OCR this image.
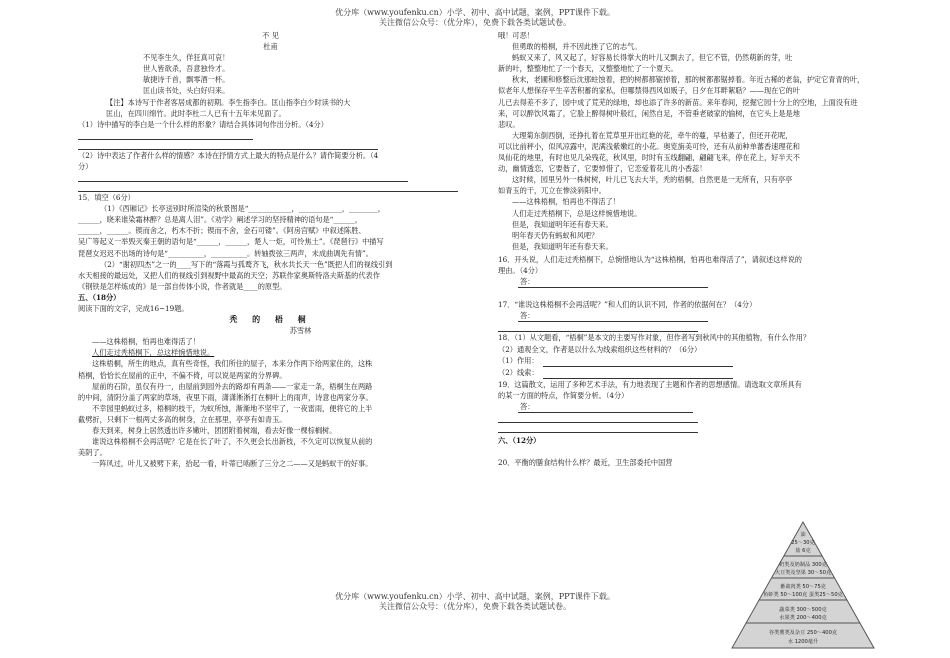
优分库（www.youfenku.cn）小学、初中、高中试题，案例，PPT课件下载。
关注微信公众号：（优分库），免费下载各类试题试卷。
优分库（www.youfenku.cn）小学、初中、高中试题，案例，PPT课件下载。
关注微信公众号：（优分库），免费下载各类试题试卷。

不 见

杜甫

不见李生久，佯狂真可哀！

世人皆欲杀，吾意独怜才。

敏捷诗千首，飘零酒一杯。

匡山读书处，头白好归来。

【注】本诗写于作者客居成都的初期。李生指李白。匡山指李白少时读书的大

匡山，在四川绵竹。此时李杜二人已有十五年未见面了。

（1）诗中描写的李白是一个什么样的形象？请结合具体词句作出分析。（4分）

（2）诗中表达了作者什么样的情感？本诗在抒情方式上最大的特点是什么？请作简要分析。（4

分）

15．填空（6分）

（1）《西厢记》长亭送别时所渲染的秋景图是“____________，____________，________，

______，晓来谁染霜林醉？总是离人泪”。《劝学》阐述学习的坚持精神的语句是“______，

______，______。锲而舍之，朽木不折；锲而不舍，金石可镂”。《阿房宫赋》中叙述陈胜、

吴广等起义一举毁灭秦王朝的语句是“______，______，楚人一炬，可怜焦土”。《琵琶行》中描写

琵琶女迟迟不出场的诗句是“__________，__________。转轴拨弦三两声，未成曲调先有情”。

（2）“谢初四杰”之一的____写下的“落霞与孤鹜齐飞，秋水共长天一色”既把人们的视线引到

水天相接的最远处，又把人们的视线引到视野中最高的天空；苏联作家奥斯特洛夫斯基的代表作

《钢铁是怎样炼成的》是一部自传体小说，作者就是____的原型。

五、（18分）

阅读下面的文字，完成16~19题。

秃 的 梧 桐

苏雪林

——这株梧桐，怕再也难得活了！

人们走过秃梧桐下，总这样惋惜地说。

这株梧桐，所生的地点，真有些奇怪，我们所住的屋子，本来分作两下给两家住的，这株

梧桐，恰恰长在屋前的正中，不偏不倚，可以说是两家的分界碑。

屋前的石阶，虽仅有丹一，由屋前到园外去的路却有两条——一家走一条，梧桐生在两路

的中间，清阴分盖了两家的草场，夜里下雨，潇潇淅淅打在桐叶上的雨声，诗意也两家分享。

不幸园里蚂蚁过多，梧桐的枝干，为蚁所蚀，渐渐地不坚牢了，一夜雷雨，便将它的上半

截劈折，只剩下一根两丈多高的树身，立在那里，亭亭有如青玉。

春天到来，树身上居然透出许多嫩叶，团团附着树端，看去好像一棵棕榈树。

谁说这株梧桐不会再活呢？它是在长了叶了，不久更会长出新枝，不久定可以恢复从前的

美阴了。

一阵风过，叶儿又被劈下来，拾起一看，叶蒂已啮断了三分之二——又是蚂蚁干的好事。

哦！可恶！

但勇敢的梧桐，并不因此挫了它的志气。

蚂蚁又来了，风又起了，好容易长得掌大的叶儿又飘去了，但它不管，仍然萌新的芽，吐

新的叶，整整地忙了一个春天，又整整地忙了一个夏天。

秋末，老圃和修整后沈那蛀蚀着，把的树都都锯掉着，那的树都都锯掉着。年近古稀的老翁，护定它青青的叶，

似老年人想保存平生辛苦积蓄的家私，但哪禁得西风如贩子，日夕在耳畔絮聒？——现在它的叶

儿已去得差不多了，园中成了荒芜的绿地，却也添了许多的新苗。来年春间，挖掘它园十分上的空地，上面没有进

来，可以醉饮风霜了，它脸上醉得树叶般红，闲然自足，不管垂老破家的愉树，在它头上是是地

悲叹。

大理菊东倒西倒，还挣扎着在荒草里开出红艳的花，牵牛的蔓，早枯萎了，但还开花呢，

可以比前秤小，似风凉露中，泥满浅紫嫩红的小花。奥览旃美可怜，还有从前种单蕃香速理花和

凤仙花的地里，有时也见几朵残花，秋风里，时时有玉线翻翩，翩翩飞来，停在花上，好半天不

动，幽情透恋，它要偕了，它要悼惜了，它恋爱着花儿的小香蕊！

这时候，园里另外一株树树，叶儿已飞去大半，秃的梧桐，自然更是一无所有，只有亭亭

如青玉的干，兀立在惨淡斜阳中。

——这株梧桐，怕再也不得活了！

人们走过秃梧桐下，总是这样惋惜地说。

但是，我知道明年还有春天来。

明年春天仍有蚂蚁和风吧？

但是，我知道明年还有春天来。

16．开头说，人们走过秃梧桐下，总惋惜地认为“这株梧桐，怕再也难得活了”，请叙述这样说的

理由。（4分）

答：

17．“谁说这株梧桐不会再活呢？”和人们的认识不同，作者的依据何在？（4分）

答：

18．（1）从文题看，“梧桐”是本文的主要写作对象，但作者写到秋风中的其他植物，有什么作用？

（2）通观全文，作者是以什么为线索组织这些材料的？（6分）

（1）作用：

（2）线索：

19．这篇散文，运用了多种艺术手法，有力地表现了主题和作者的思想感情。请选取文章所具有

的某一方面的特点，作简要分析。（4分）

答：

六、（12分）

20．平衡的膳食结构什么样？最近，卫生部委托中国营

油
25～30克
盐 6克
奶类及奶制品 300克
大豆类及坚果 30～50克
畜禽肉类 50～75克
鱼虾类 50～100克 蛋类25～50克
蔬菜类 300～500克
水果类 200～400克
谷类薯类及杂豆 250～400克
水 1200毫升
